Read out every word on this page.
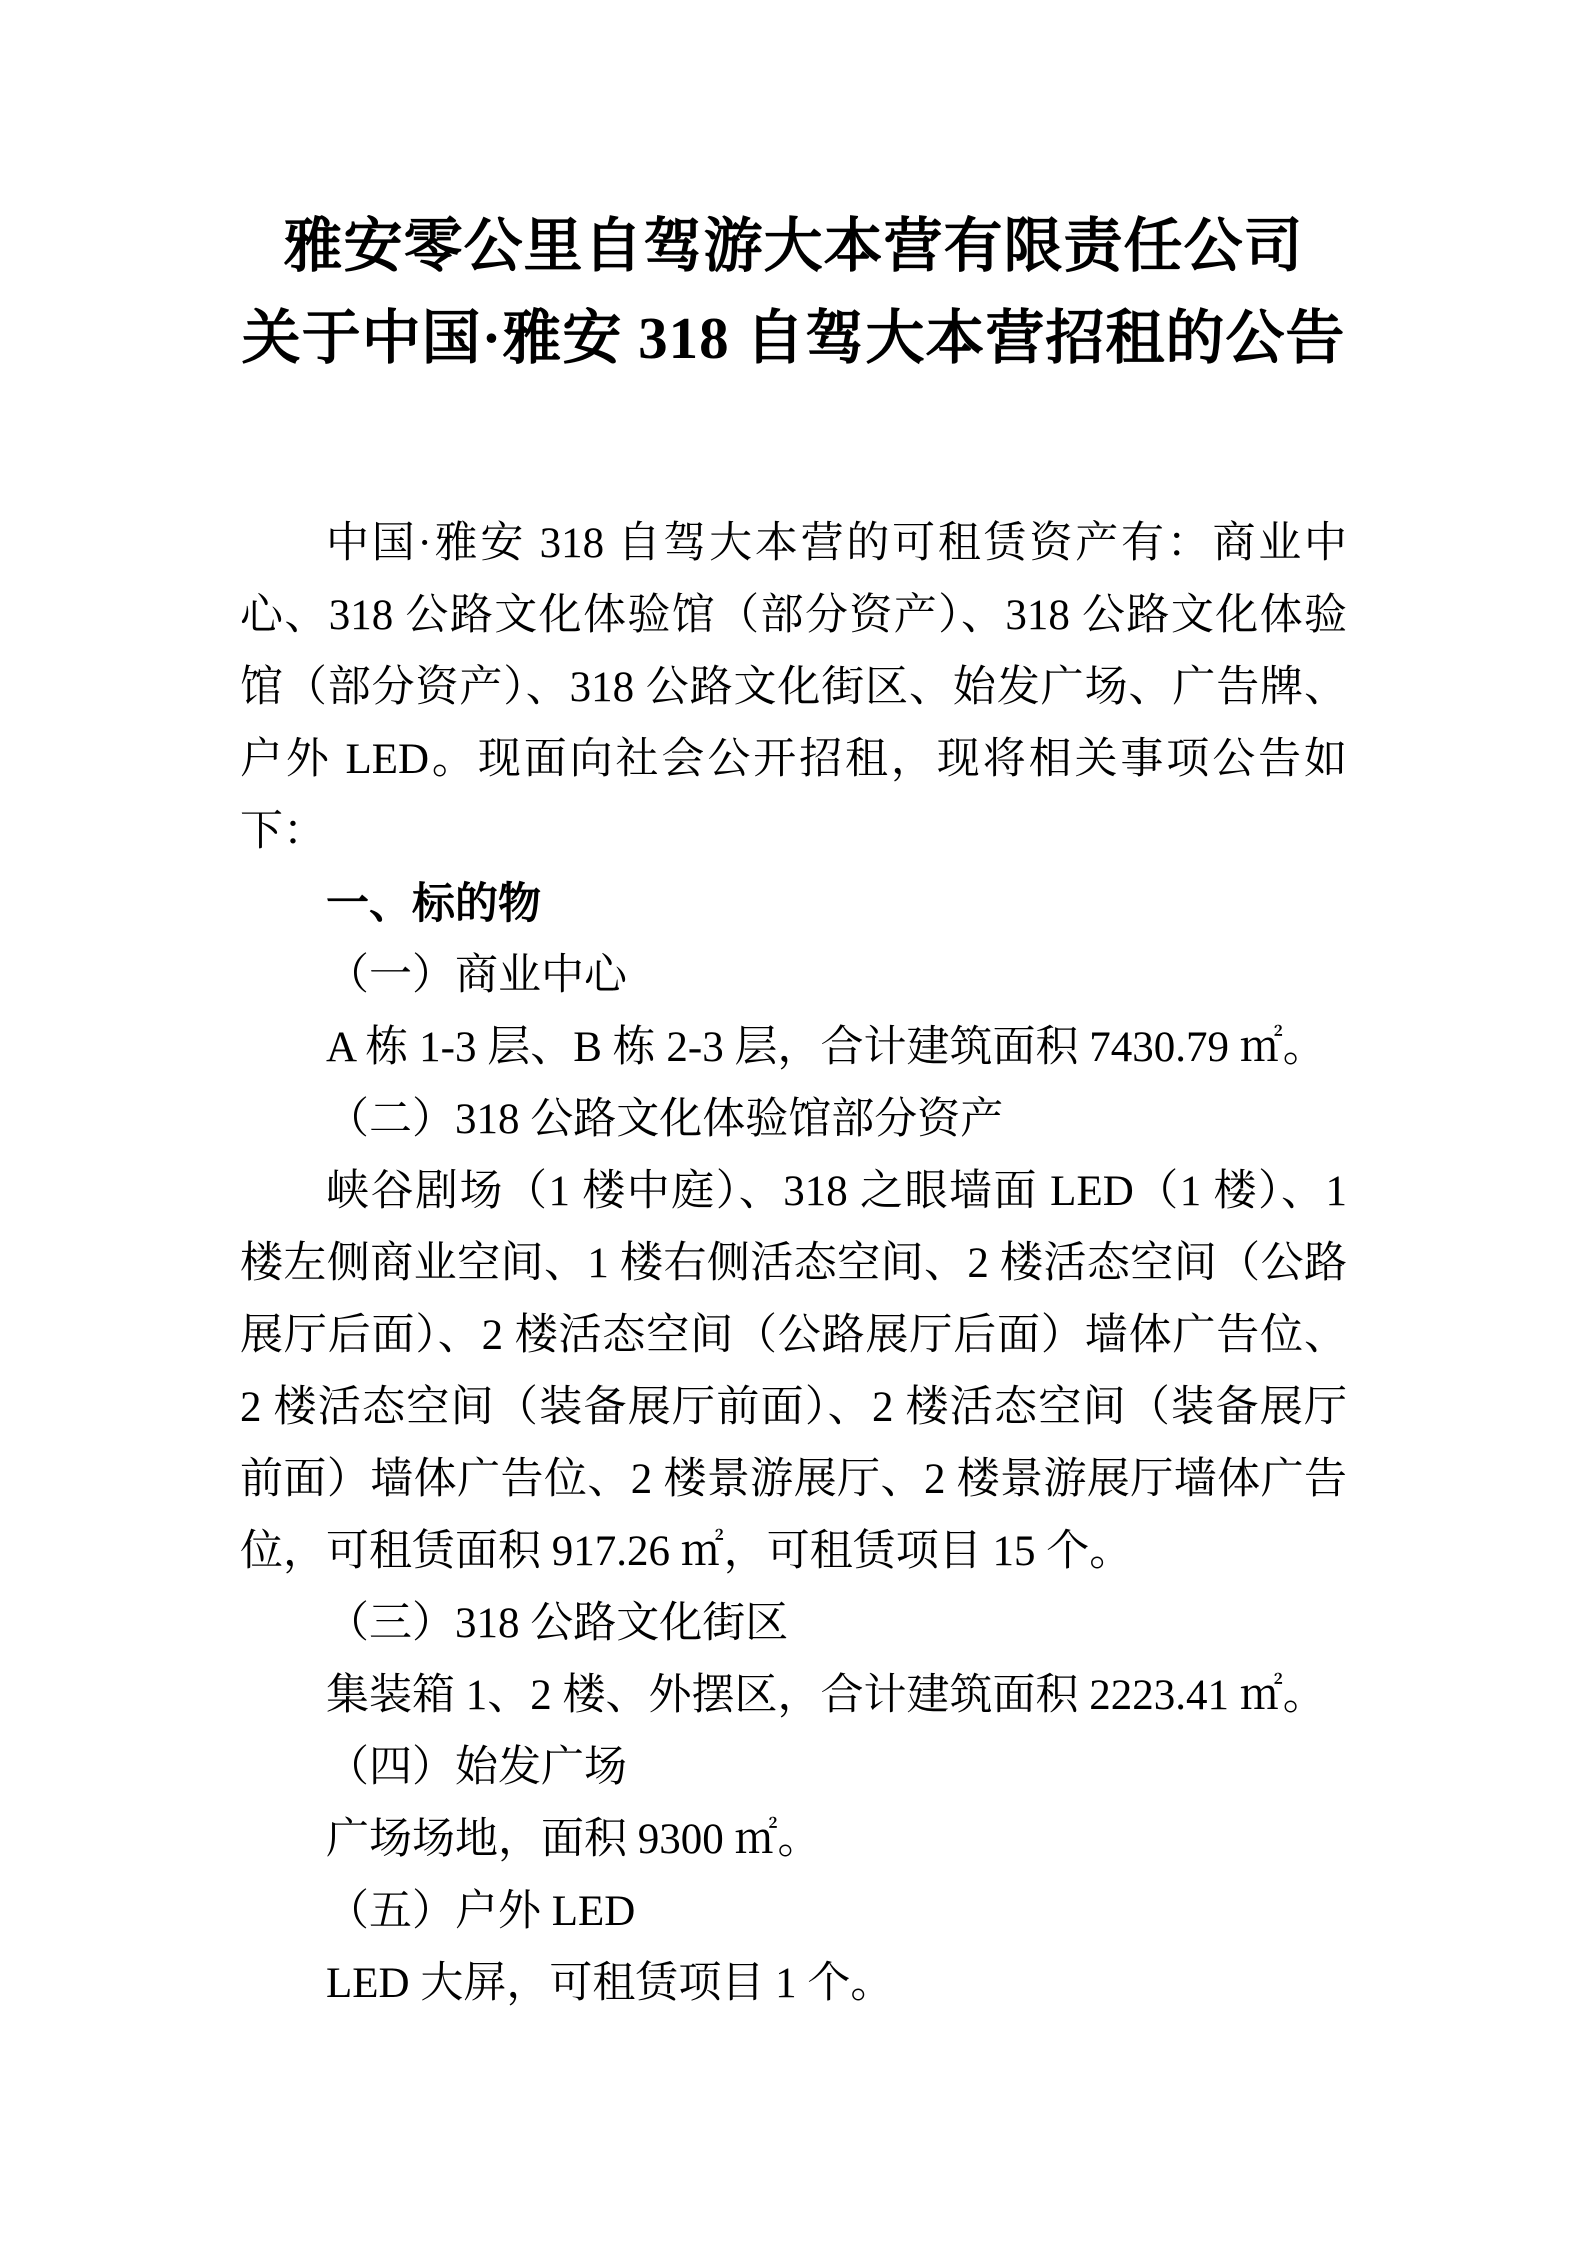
雅安零公里自驾游大本营有限责任公司
关于中国·雅安 318 自驾大本营招租的公告

中国·雅安 318 自驾大本营的可租赁资产有：商业中心、318 公路文化体验馆（部分资产）、318 公路文化体验馆（部分资产）、318 公路文化街区、始发广场、广告牌、户外 LED。现面向社会公开招租，现将相关事项公告如下：

一、标的物

（一）商业中心

A 栋 1-3 层、B 栋 2-3 层，合计建筑面积 7430.79 ㎡。

（二）318 公路文化体验馆部分资产

峡谷剧场（1 楼中庭）、318 之眼墙面 LED（1 楼）、1 楼左侧商业空间、1 楼右侧活态空间、2 楼活态空间（公路展厅后面）、2 楼活态空间（公路展厅后面）墙体广告位、2 楼活态空间（装备展厅前面）、2 楼活态空间（装备展厅前面）墙体广告位、2 楼景游展厅、2 楼景游展厅墙体广告位，可租赁面积 917.26 ㎡，可租赁项目 15 个。

（三）318 公路文化街区

集装箱 1、2 楼、外摆区，合计建筑面积 2223.41 ㎡。

（四）始发广场

广场场地，面积 9300 ㎡。

（五）户外 LED

LED 大屏，可租赁项目 1 个。
